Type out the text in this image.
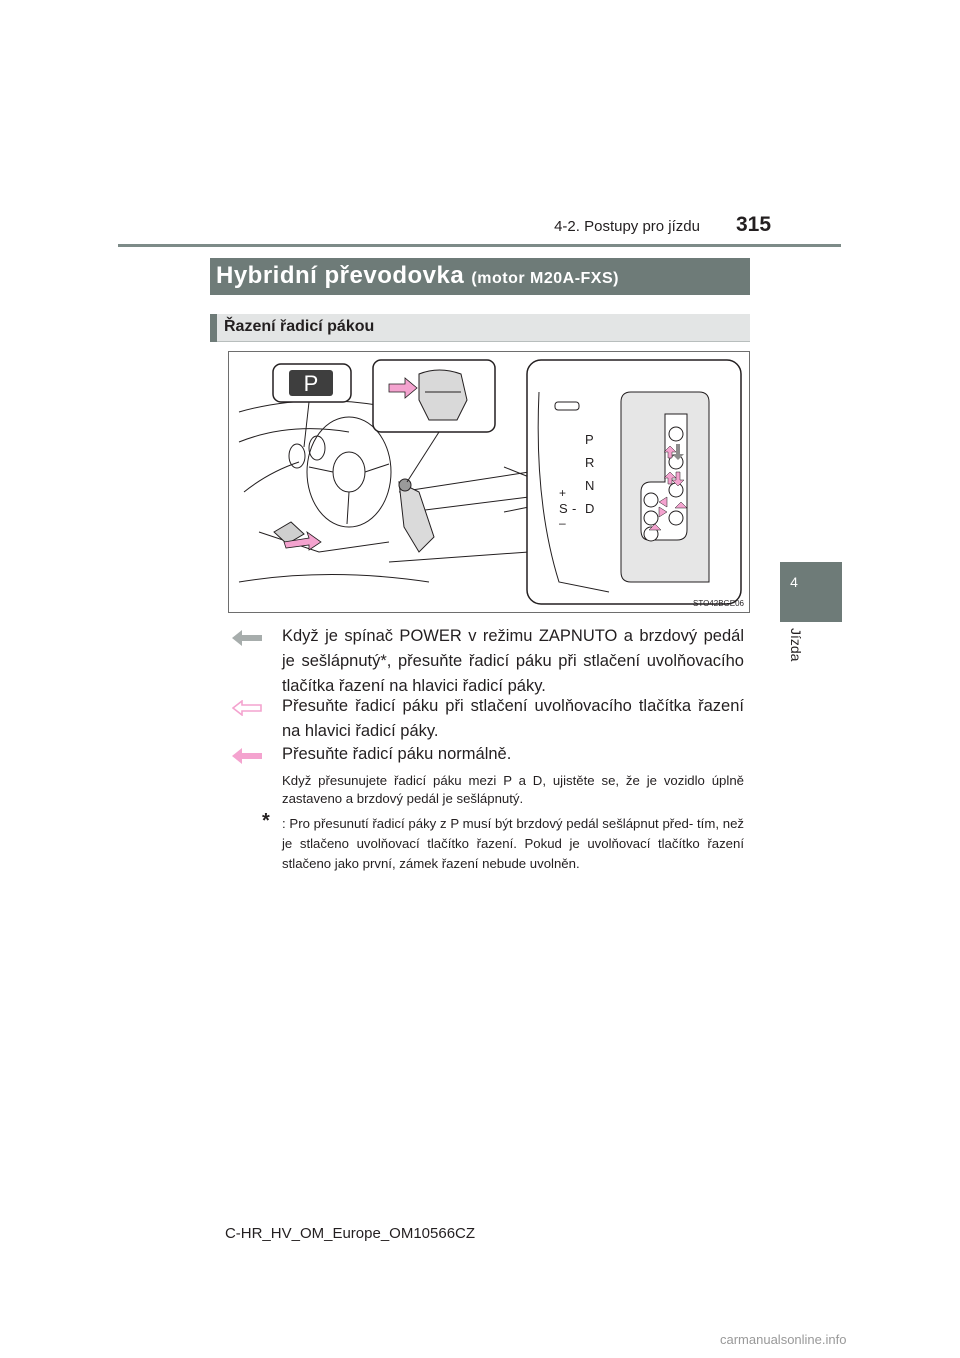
4-2. Postupy pro jízdu 315
4
Jízda
Hybridní převodovka (motor M20A-FXS)
Řazení řadicí pákou
P
P
R
N
D
+
S -
–
STO42BGE06
Když je spínač POWER v režimu ZAPNUTO a brzdový pedál je sešlápnutý*, přesuňte řadicí páku při stlačení uvolňovacího tlačítka řazení na hlavici řadicí páky.
Přesuňte řadicí páku při stlačení uvolňovacího tlačítka řazení na hlavici řadicí páky.
Přesuňte řadicí páku normálně.
Když přesunujete řadicí páku mezi P a D, ujistěte se, že je vozidlo úplně zastaveno a brzdový pedál je sešlápnutý.
* : Pro přesunutí řadicí páky z P musí být brzdový pedál sešlápnut před- tím, než je stlačeno uvolňovací tlačítko řazení. Pokud je uvolňovací tlačítko řazení stlačeno jako první, zámek řazení nebude uvolněn.
C-HR_HV_OM_Europe_OM10566CZ
carmanualsonline.info
